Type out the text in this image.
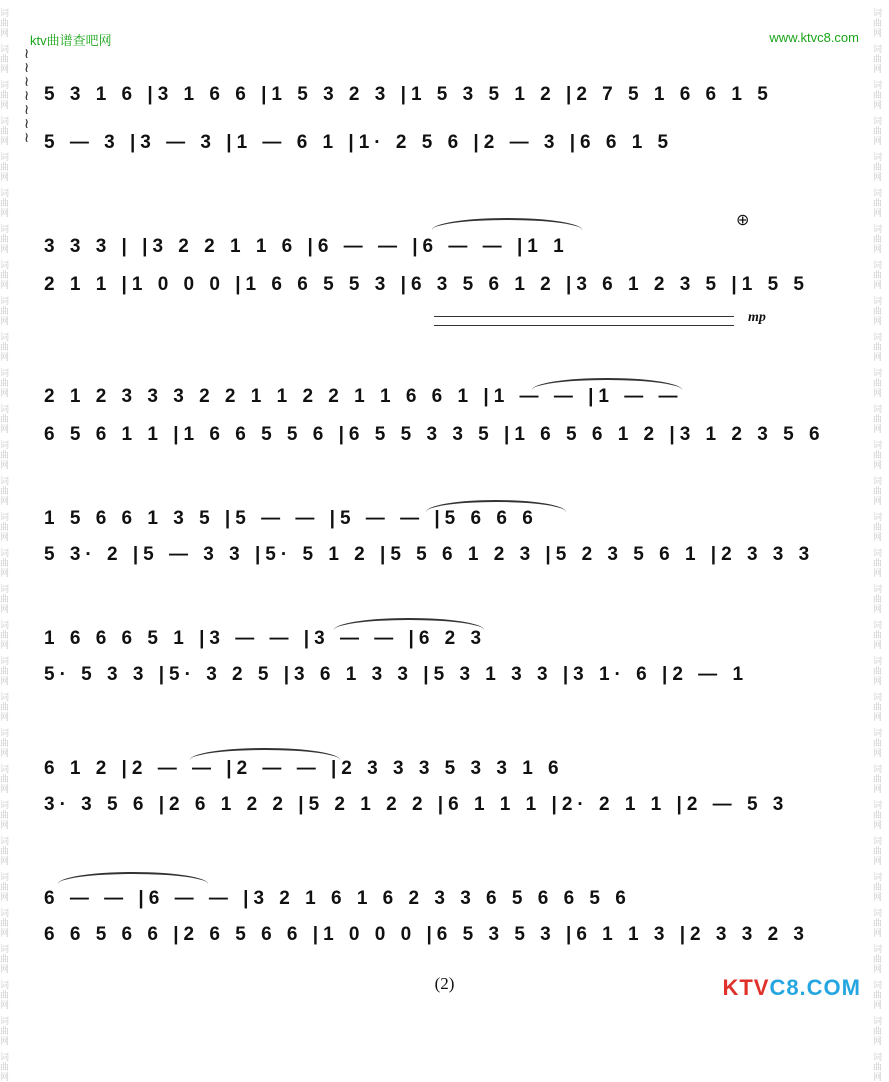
词曲网
词曲网
词曲网
词曲网
词曲网
词曲网
词曲网
词曲网
词曲网
词曲网
词曲网
词曲网
词曲网
词曲网
词曲网
词曲网
词曲网
词曲网
词曲网
词曲网
词曲网
词曲网
词曲网
词曲网
词曲网
词曲网
词曲网
词曲网
词曲网
词曲网
词曲网
词曲网
词曲网
词曲网
词曲网
词曲网
词曲网
词曲网
词曲网
词曲网
词曲网
词曲网
词曲网
词曲网
词曲网
词曲网
词曲网
词曲网
词曲网
词曲网
词曲网
词曲网
词曲网
词曲网
词曲网
词曲网
词曲网
词曲网
词曲网
词曲网
ktv曲谱查吧网	www.ktvc8.com
≀
≀
≀
≀
≀
≀
≀
5 3 1 6 |3 1 6 6 |1 5 3 2 3 |1 5 3 5 1 2 |2 7 5 1 6 6 1 5
5 — 3 |3 — 3 |1 — 6 1 |1· 2 5 6 |2 — 3 |6 6 1 5
⊕
3 3 3 | |3 2 2 1 1 6 |6 — — |6 — — |1 1
2 1 1 |1 0 0 0 |1 6 6 5 5 3 |6 3 5 6 1 2 |3 6 1 2 3 5 |1 5 5
mp
2 1 2 3 3 3 2 2 1 1 2 2 1 1 6 6 1 |1 — — |1 — —
6 5 6 1 1 |1 6 6 5 5 6 |6 5 5 3 3 5 |1 6 5 6 1 2 |3 1 2 3 5 6
1 5 6 6 1 3 5 |5 — — |5 — — |5 6 6 6
5 3· 2 |5 — 3 3 |5· 5 1 2 |5 5 6 1 2 3 |5 2 3 5 6 1 |2 3 3 3
1 6 6 6 5 1 |3 — — |3 — — |6 2 3
5· 5 3 3 |5· 3 2 5 |3 6 1 3 3 |5 3 1 3 3 |3 1· 6 |2 — 1
6 1 2 |2 — — |2 — — |2 3 3 3 5 3 3 1 6
3· 3 5 6 |2 6 1 2 2 |5 2 1 2 2 |6 1 1 1 |2· 2 1 1 |2 — 5 3
6 — — |6 — — |3 2 1 6 1 6 2 3 3 6 5 6 6 5 6
6 6 5 6 6 |2 6 5 6 6 |1 0 0 0 |6 5 3 5 3 |6 1 1 3 |2 3 3 2 3
(2)	KTVC8.COM
